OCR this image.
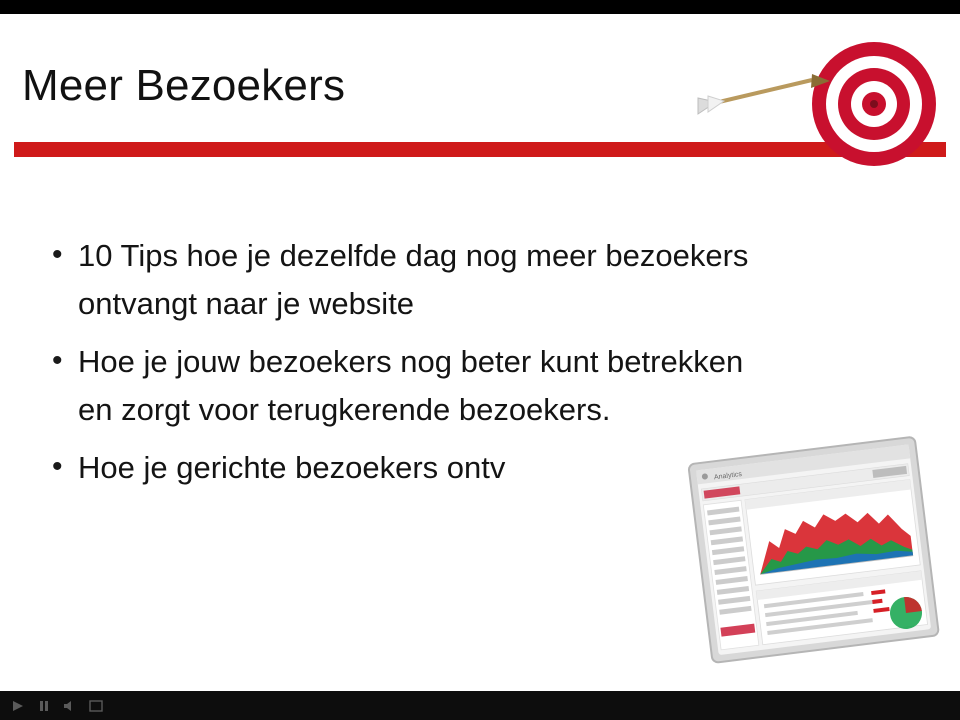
Meer Bezoekers
• 10 Tips hoe je dezelfde dag nog meer bezoekers ontvangt naar je website
• Hoe je jouw bezoekers nog beter kunt betrekken en zorgt voor terugkerende bezoekers.
• Hoe je gerichte bezoekers ontv	Analytics
